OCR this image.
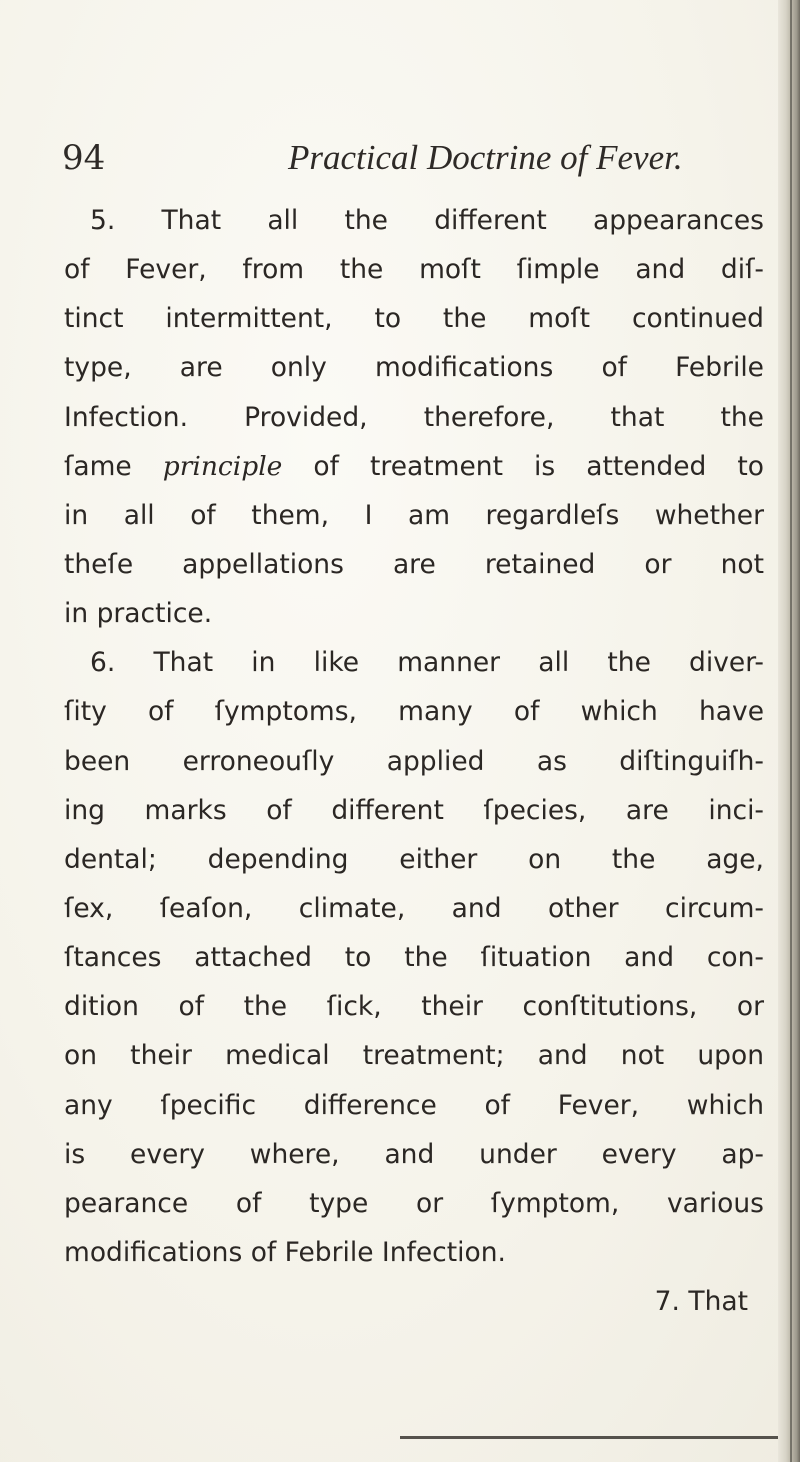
94	Practical Doctrine of Fever.
5. That all the different appearances
of Fever, from the moſt ſimple and diſ-
tinct intermittent, to the moſt continued
type, are only modifications of Febrile
Infection. Provided, therefore, that the
ſame principle of treatment is attended to
in all of them, I am regardleſs whether
theſe appellations are retained or not
in practice.
6. That in like manner all the diver-
ſity of ſymptoms, many of which have
been erroneouſly applied as diſtinguiſh-
ing marks of different ſpecies, are inci-
dental; depending either on the age,
ſex, ſeaſon, climate, and other circum-
ſtances attached to the ſituation and con-
dition of the ſick, their conſtitutions, or
on their medical treatment; and not upon
any ſpecific difference of Fever, which
is every where, and under every ap-
pearance of type or ſymptom, various
modifications of Febrile Infection.
7. That
